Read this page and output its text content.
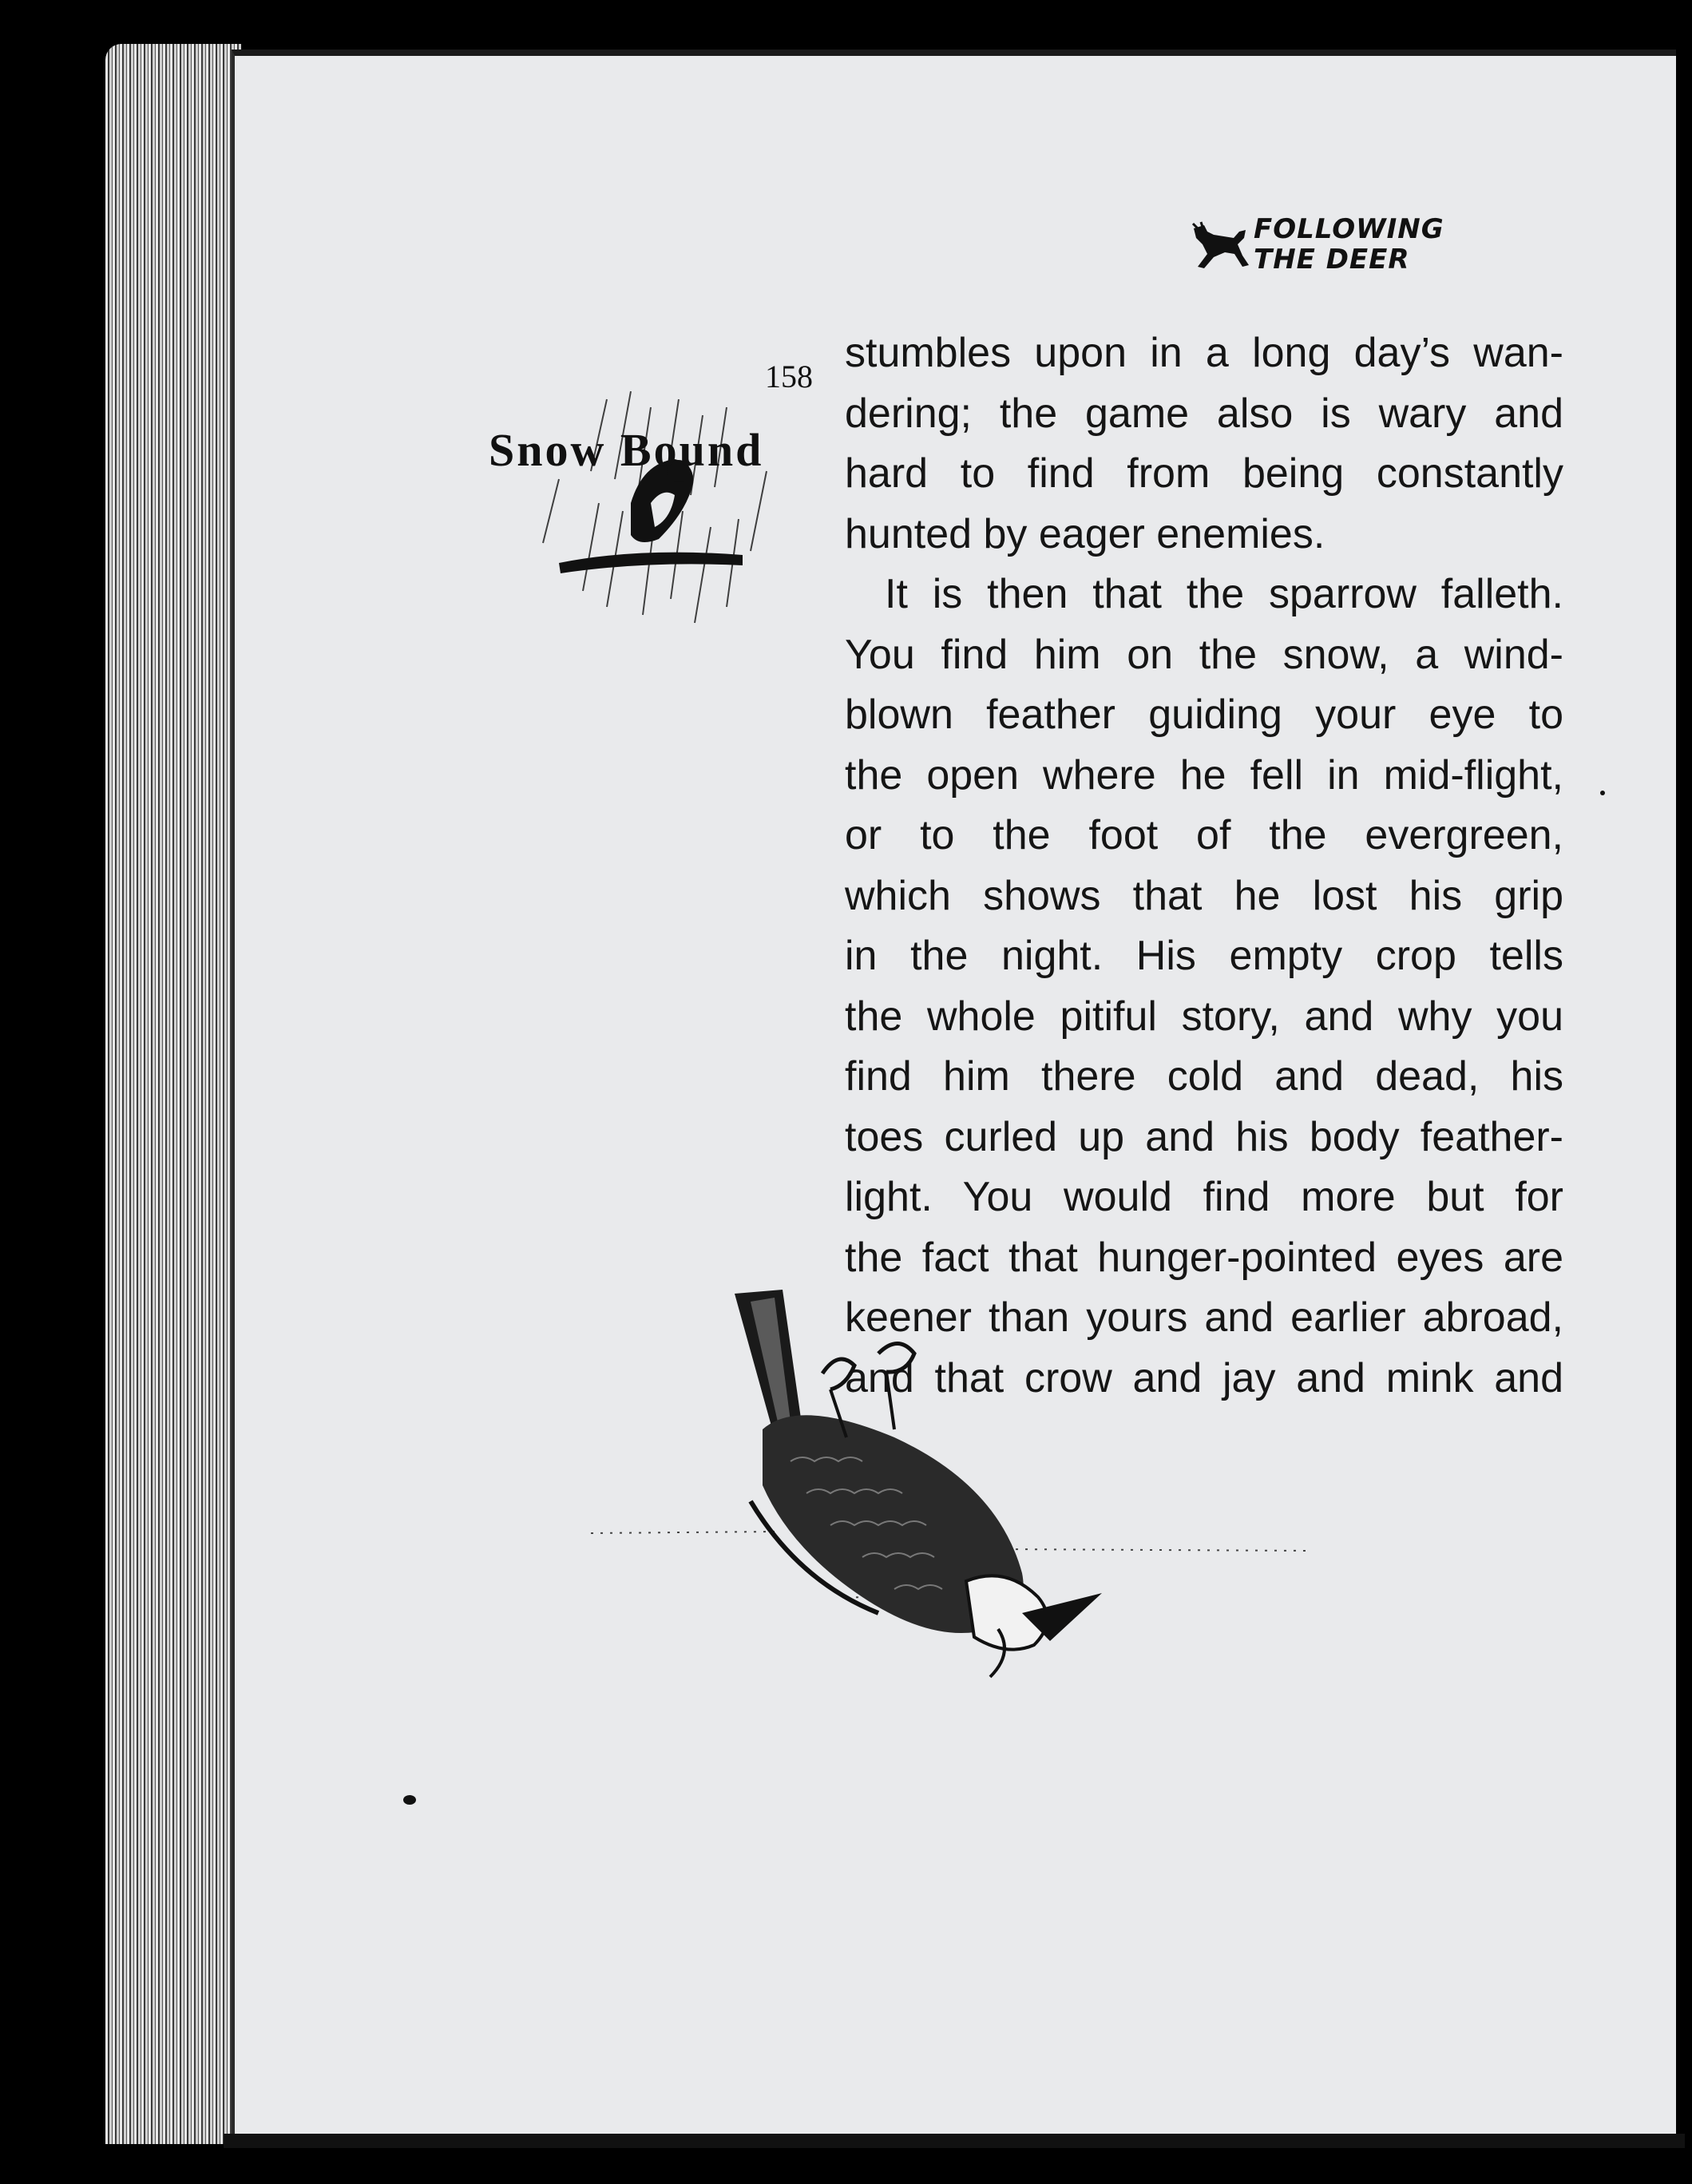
FOLLOWING
THE DEER
158
Snow Bound
stumbles upon in a long day’s wan-
dering; the game also is wary and
hard to find from being constantly
hunted by eager enemies.
It is then that the sparrow falleth.
You find him on the snow, a wind-
blown feather guiding your eye to
the open where he fell in mid-flight,
or to the foot of the evergreen,
which shows that he lost his grip
in the night. His empty crop tells
the whole pitiful story, and why you
find him there cold and dead, his
toes curled up and his body feather-
light. You would find more but for
the fact that hunger-pointed eyes are
keener than yours and earlier abroad,
and that crow and jay and mink and
